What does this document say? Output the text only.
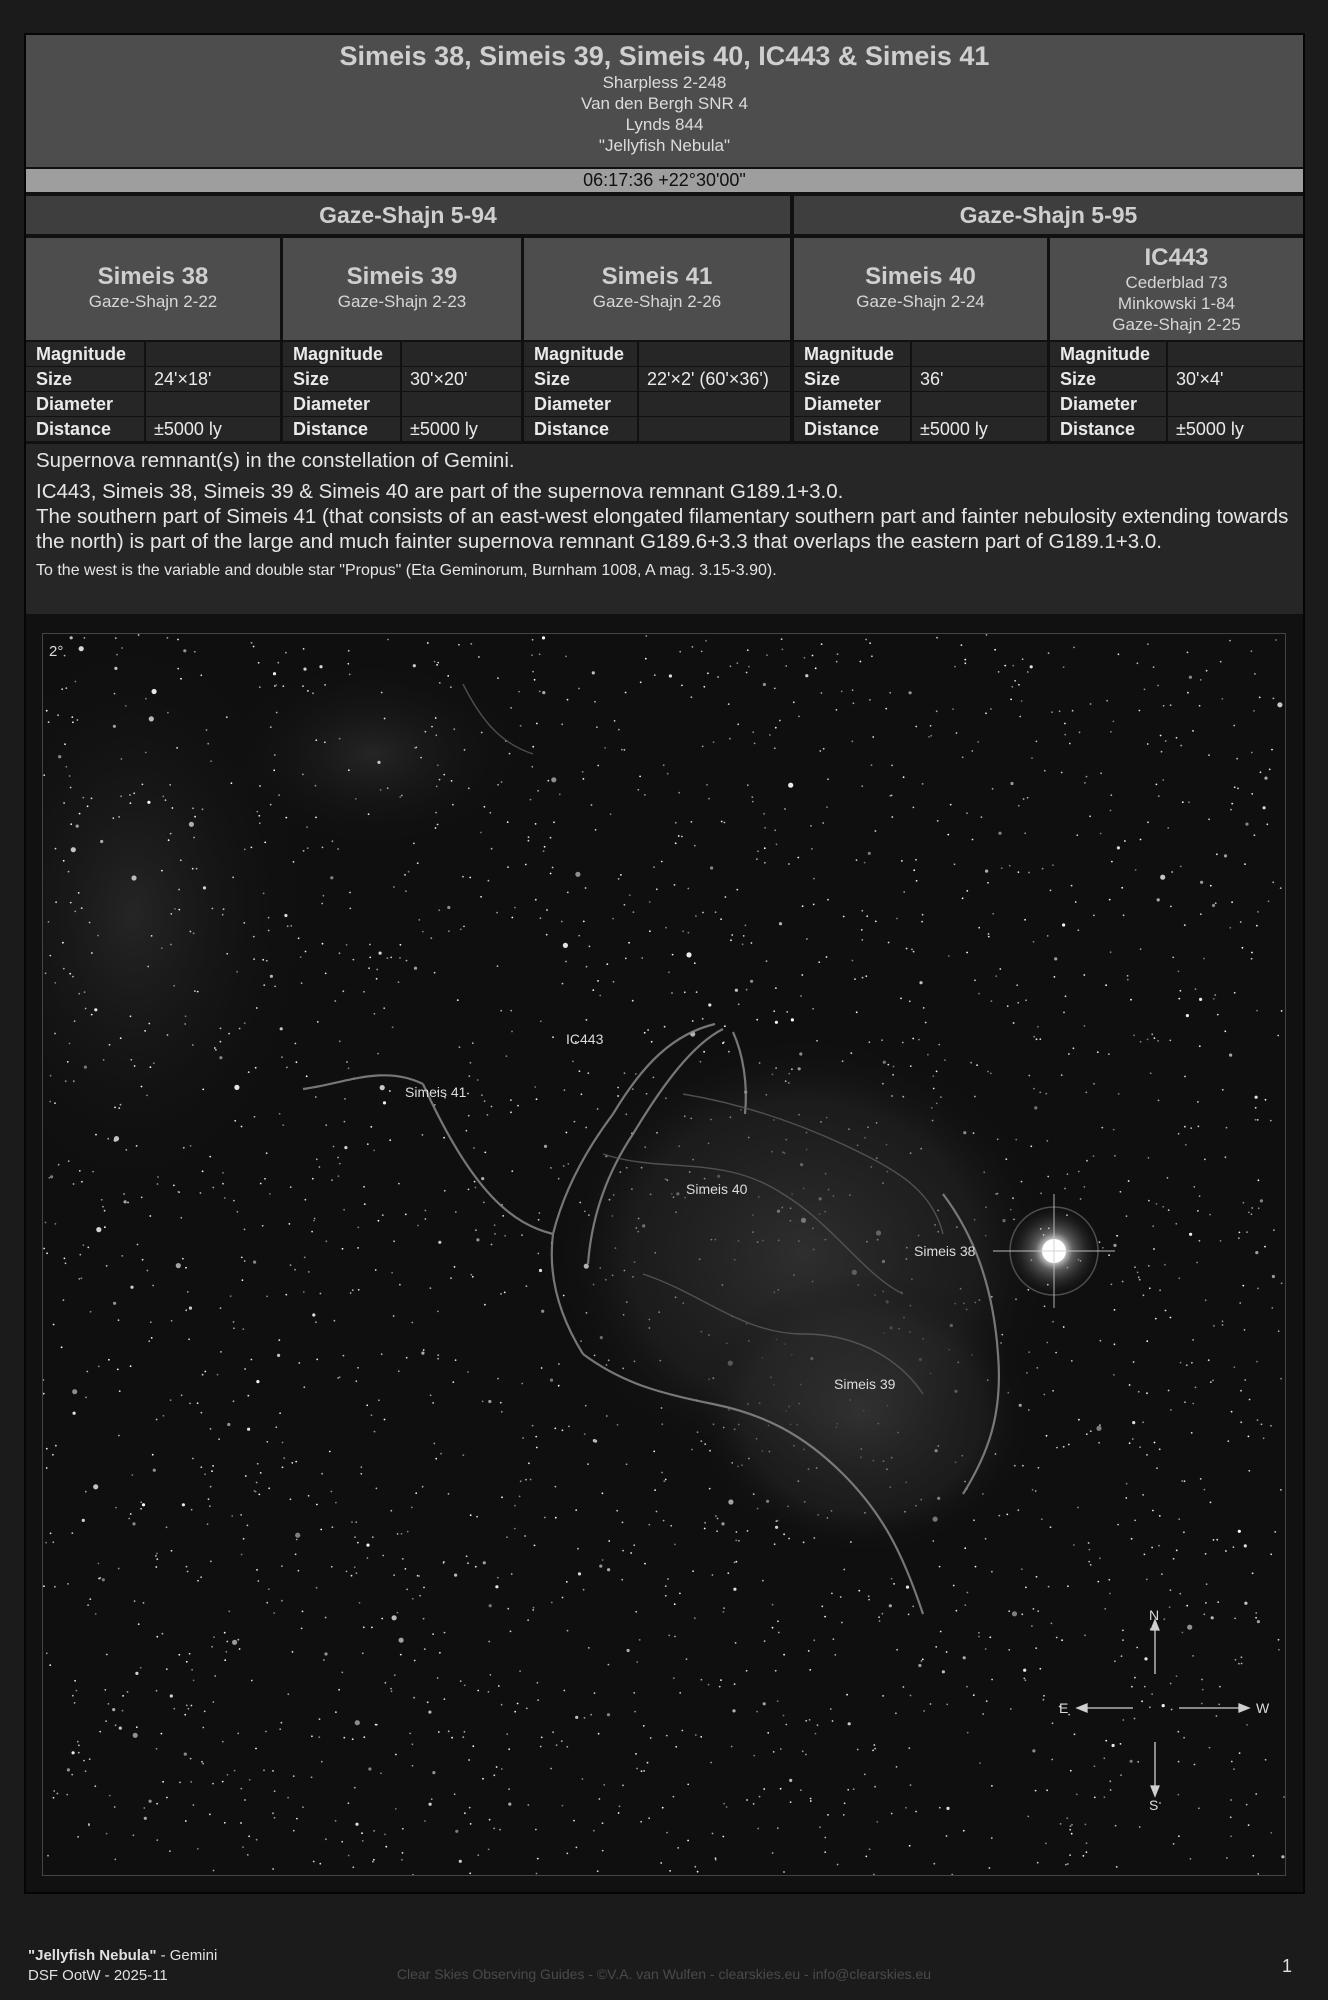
Simeis 38, Simeis 39, Simeis 40, IC443 & Simeis 41
Sharpless 2-248
Van den Bergh SNR 4
Lynds 844
"Jellyfish Nebula"
06:17:36 +22°30'00"
Gaze-Shajn 5-94	Gaze-Shajn 5-95
Simeis 38
Gaze-Shajn 2-22
Simeis 39
Gaze-Shajn 2-23
Simeis 41
Gaze-Shajn 2-26
Simeis 40
Gaze-Shajn 2-24
IC443
Cederblad 73
Minkowski 1-84
Gaze-Shajn 2-25
Magnitude
Size	24'×18'
Diameter
Distance	±5000 ly
Magnitude
Size	30'×20'
Diameter
Distance	±5000 ly
Magnitude
Size	22'×2' (60'×36')
Diameter
Distance
Magnitude
Size	36'
Diameter
Distance	±5000 ly
Magnitude
Size	30'×4'
Diameter
Distance	±5000 ly

Supernova remnant(s) in the constellation of Gemini.

IC443, Simeis 38, Simeis 39 & Simeis 40 are part of the supernova remnant G189.1+3.0.

The southern part of Simeis 41 (that consists of an east-west elongated filamentary southern part and fainter nebulosity extending towards the north) is part of the large and much fainter supernova remnant G189.6+3.3 that overlaps the eastern part of G189.1+3.0.

To the west is the variable and double star "Propus" (Eta Geminorum, Burnham 1008, A mag. 3.15-3.90).

2°
IC443
Simeis 41
Simeis 40
Simeis 38
Simeis 39
N
S
E	W
"Jellyfish Nebula" - Gemini
DSF OotW - 2025-11	Clear Skies Observing Guides - ©V.A. van Wulfen - clearskies.eu - info@clearskies.eu	1
